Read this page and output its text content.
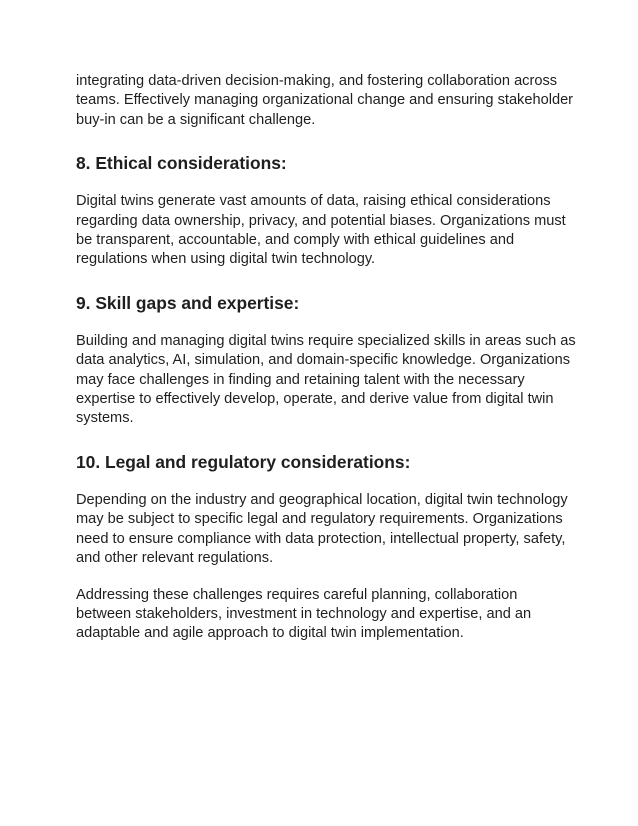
integrating data-driven decision-making, and fostering collaboration across teams. Effectively managing organizational change and ensuring stakeholder buy-in can be a significant challenge.

8. Ethical considerations:

Digital twins generate vast amounts of data, raising ethical considerations regarding data ownership, privacy, and potential biases. Organizations must be transparent, accountable, and comply with ethical guidelines and regulations when using digital twin technology.

9. Skill gaps and expertise:

Building and managing digital twins require specialized skills in areas such as data analytics, AI, simulation, and domain-specific knowledge. Organizations may face challenges in finding and retaining talent with the necessary expertise to effectively develop, operate, and derive value from digital twin systems.

10. Legal and regulatory considerations:

Depending on the industry and geographical location, digital twin technology may be subject to specific legal and regulatory requirements. Organizations need to ensure compliance with data protection, intellectual property, safety, and other relevant regulations.

Addressing these challenges requires careful planning, collaboration between stakeholders, investment in technology and expertise, and an adaptable and agile approach to digital twin implementation.
